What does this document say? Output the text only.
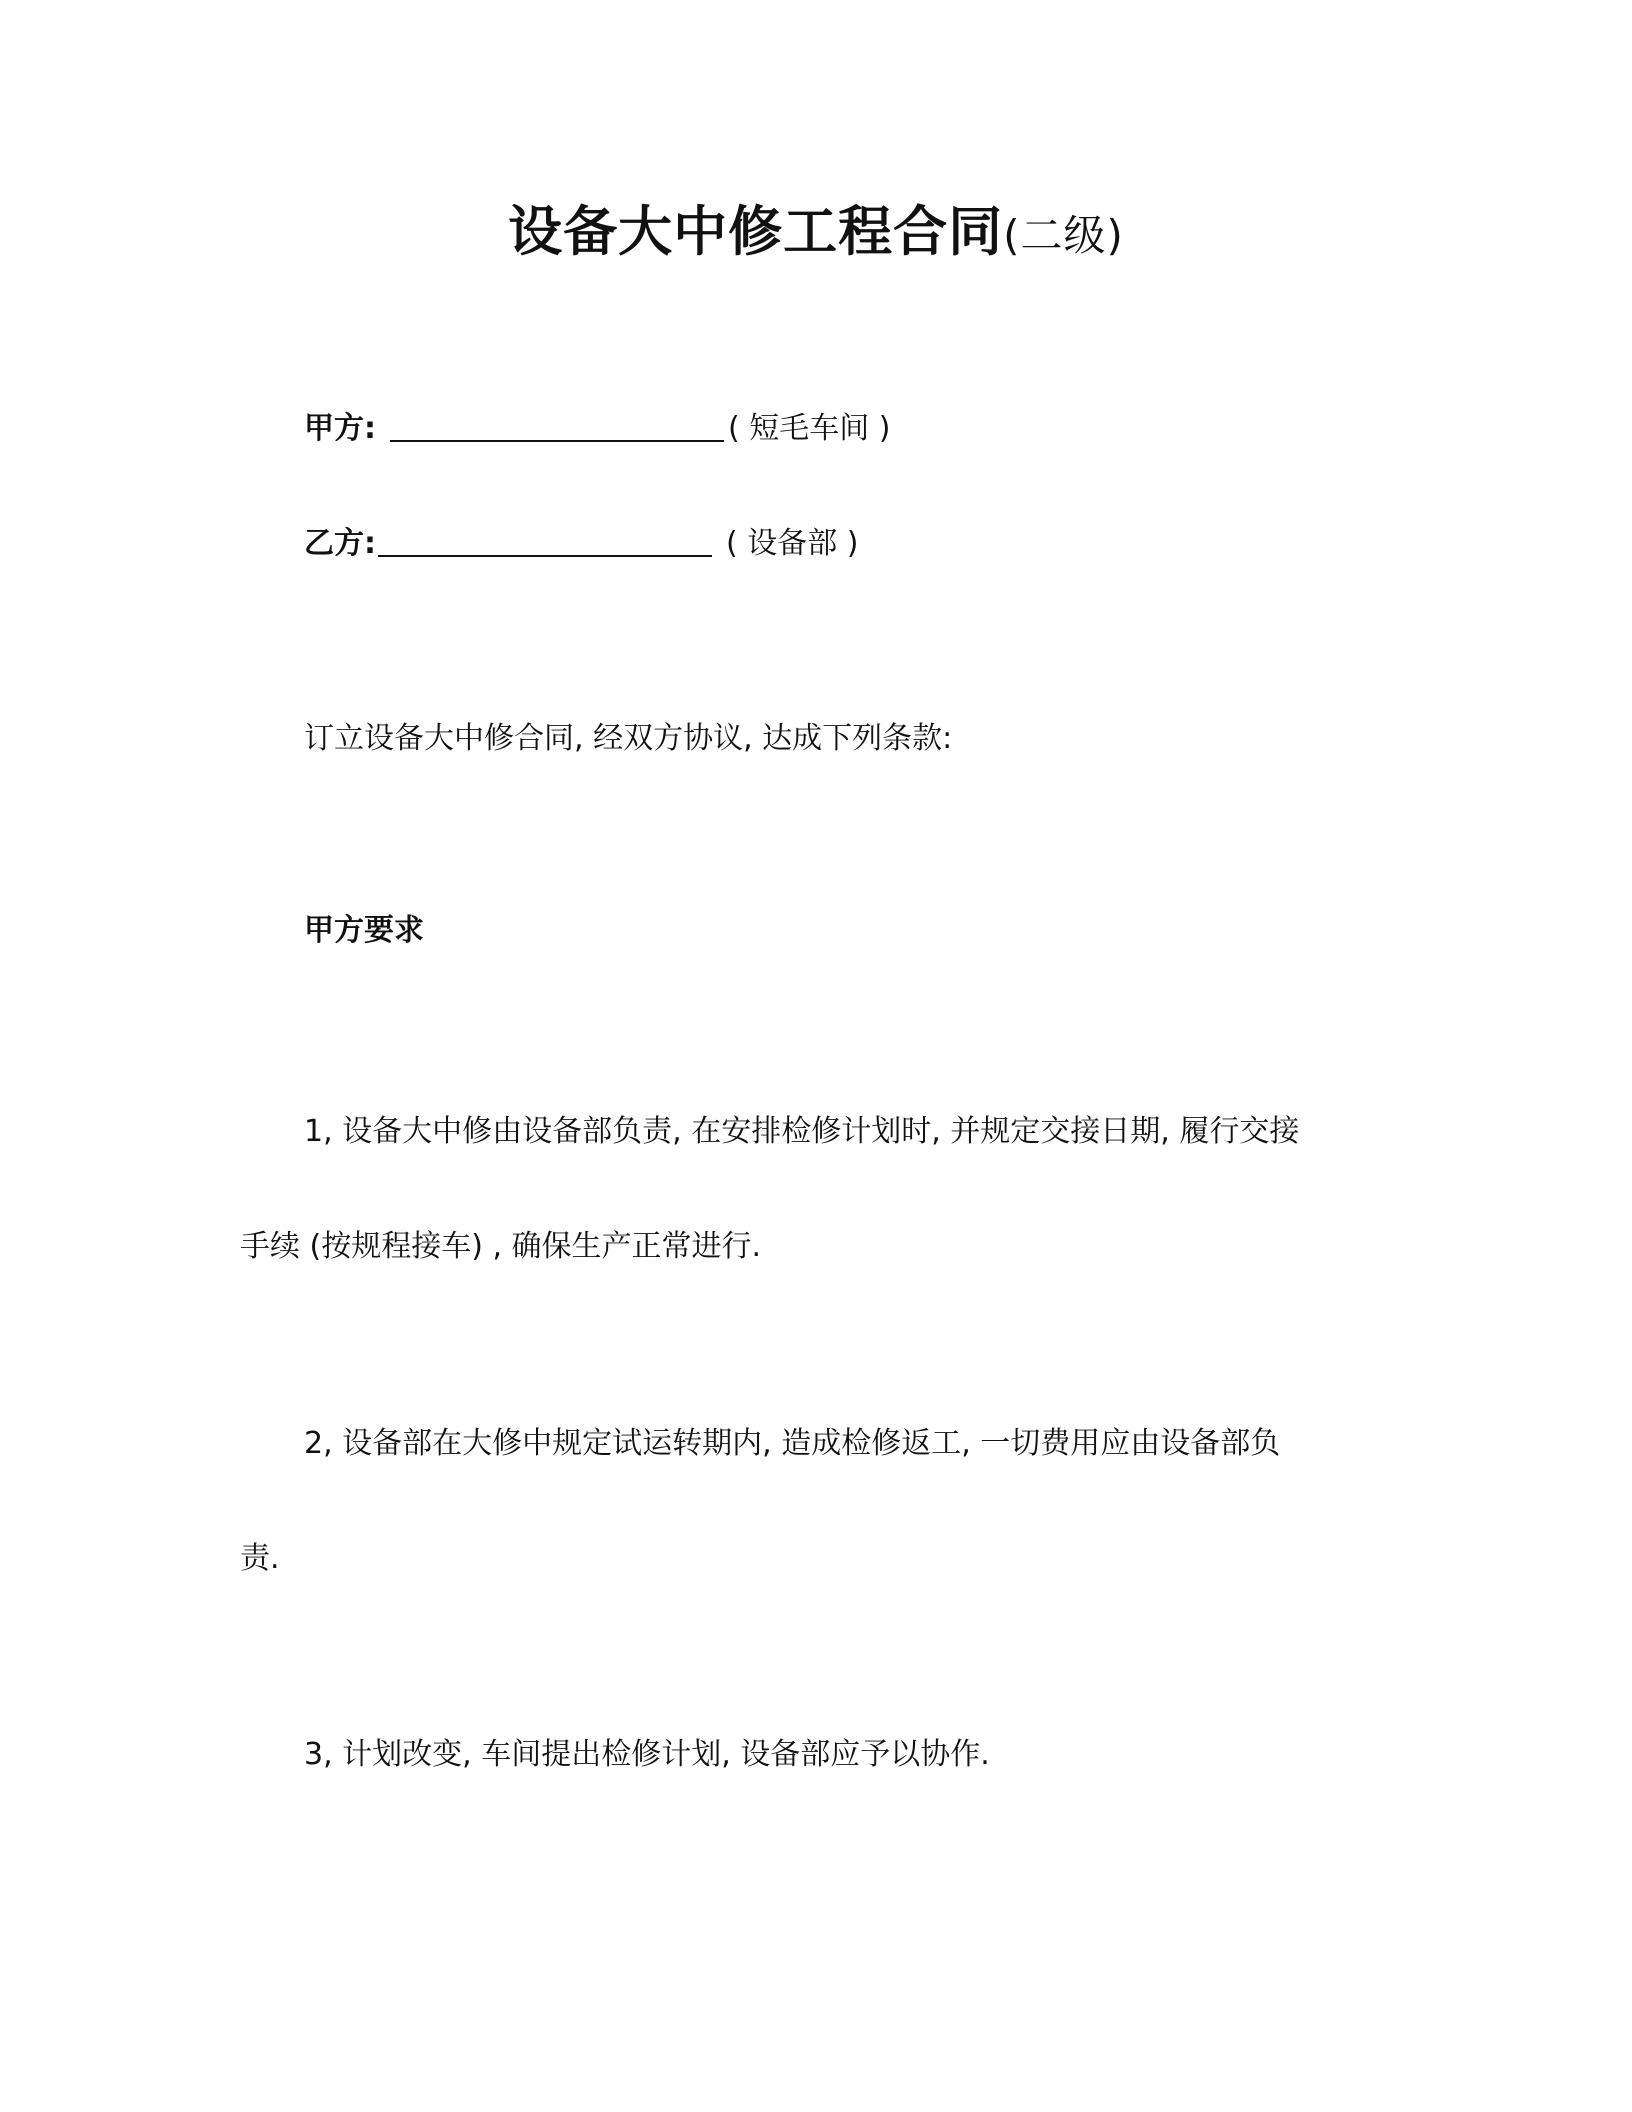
设备大中修工程合同(二级)
甲方:	( 短毛车间 )
乙方:	( 设备部 )
订立设备大中修合同, 经双方协议, 达成下列条款:
甲方要求
1, 设备大中修由设备部负责, 在安排检修计划时, 并规定交接日期, 履行交接
手续 (按规程接车) , 确保生产正常进行.
2, 设备部在大修中规定试运转期内, 造成检修返工, 一切费用应由设备部负
责.
3, 计划改变, 车间提出检修计划, 设备部应予以协作.
